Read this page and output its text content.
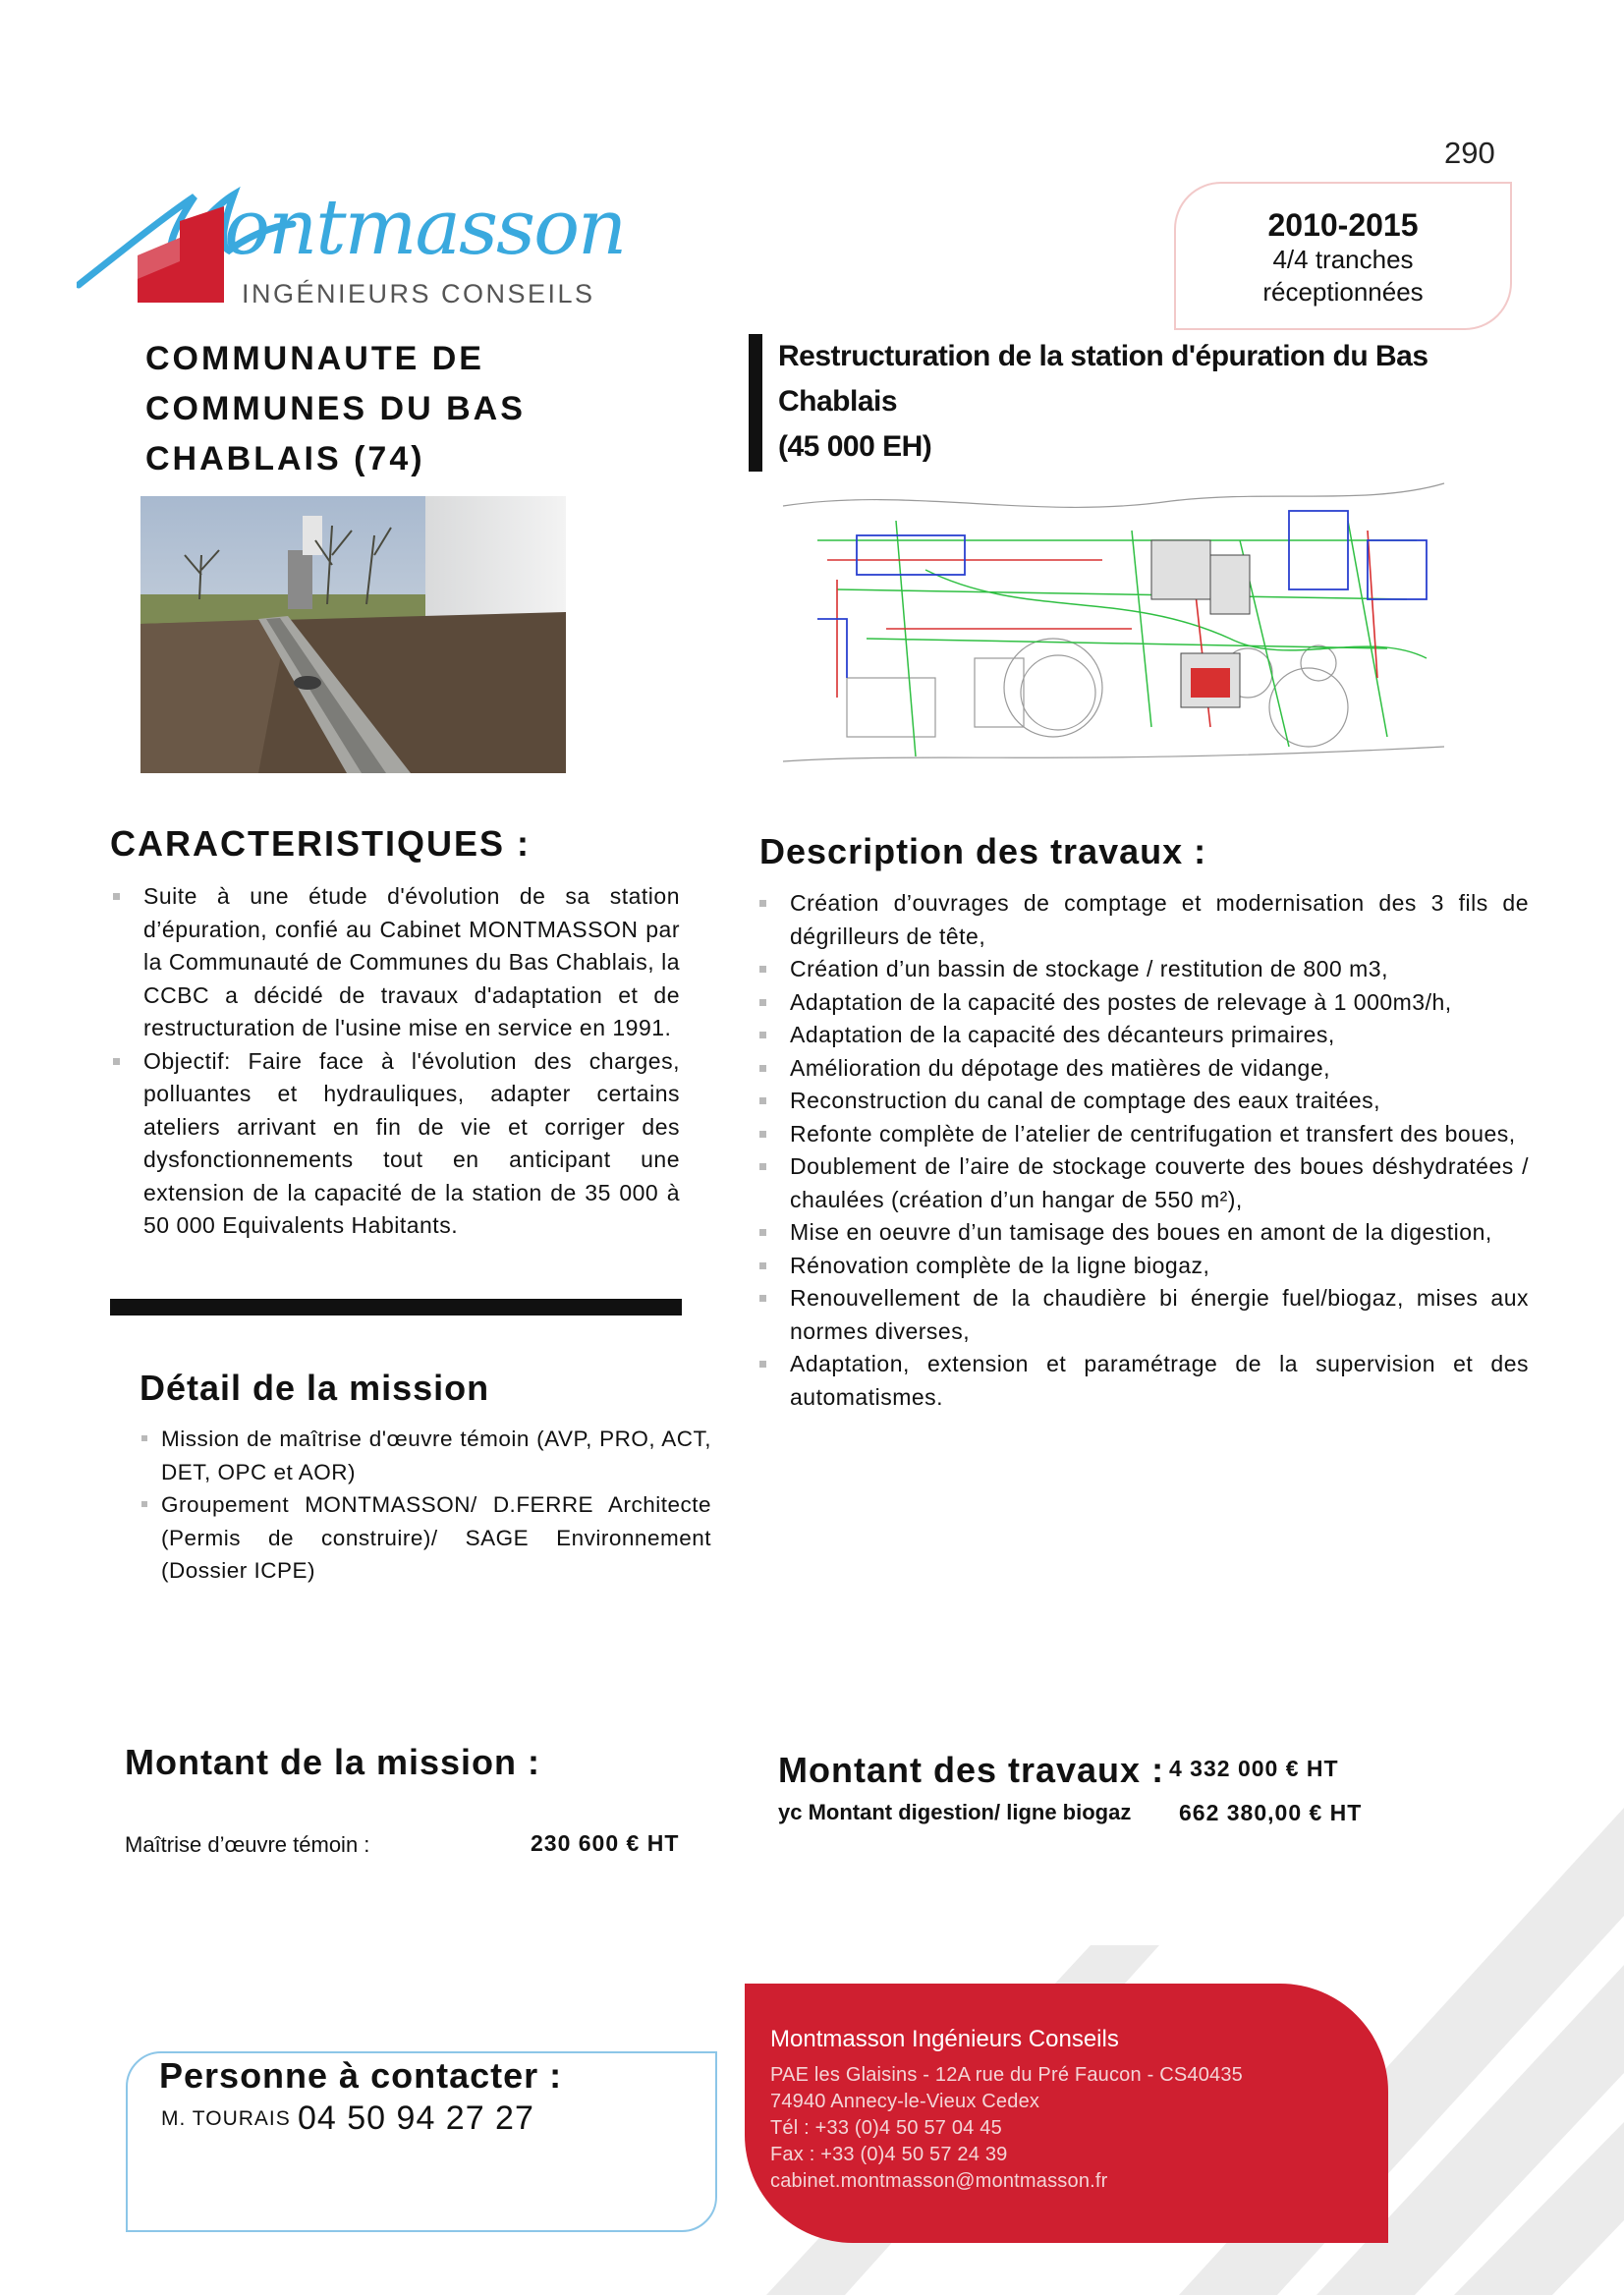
290
ontmasson
INGÉNIEURS CONSEILS
2010-2015
4/4 tranches
réceptionnées
COMMUNAUTE DE
COMMUNES DU BAS
CHABLAIS (74)
Restructuration de la station d'épuration du Bas Chablais
(45 000 EH)
CARACTERISTIQUES :
Suite à une étude d'évolution de sa station d’épuration, confié au Cabinet MONTMASSON par la Communauté de Communes du Bas Chablais, la CCBC a décidé de travaux d'adaptation et de restructuration de l'usine mise en service en 1991.
Objectif: Faire face à l'évolution des charges, polluantes et hydrauliques, adapter certains ateliers arrivant en fin de vie et corriger des dysfonctionnements tout en anticipant une extension de la capacité de la station de 35 000 à 50 000 Equivalents Habitants.
Description des travaux :
Création d’ouvrages de comptage et modernisation des 3 fils de dégrilleurs de tête,
Création d’un bassin de stockage / restitution de 800 m3,
Adaptation de la capacité des postes de relevage à 1 000m3/h,
Adaptation de la capacité des décanteurs primaires,
Amélioration du dépotage des matières de vidange,
Reconstruction du canal de comptage des eaux traitées,
Refonte complète de l’atelier de centrifugation et transfert des boues,
Doublement de l’aire de stockage couverte des boues déshydratées / chaulées (création d’un hangar de 550 m²),
Mise en oeuvre d’un tamisage des boues en amont de la digestion,
Rénovation complète de la ligne biogaz,
Renouvellement de la chaudière bi énergie fuel/biogaz, mises aux normes diverses,
Adaptation, extension et paramétrage de la supervision et des automatismes.
Détail de la mission
Mission de maîtrise d'œuvre témoin (AVP, PRO, ACT, DET, OPC et AOR)
Groupement MONTMASSON/ D.FERRE Architecte (Permis de construire)/ SAGE Environnement (Dossier ICPE)
Montant de la mission :
Maîtrise d’œuvre témoin :	230 600 € HT
Montant des travaux : 4 332 000 € HT
yc Montant digestion/ ligne biogaz 662 380,00 € HT
Personne à contacter :
M. TOURAIS 04 50 94 27 27
Montmasson Ingénieurs Conseils
PAE les Glaisins - 12A rue du Pré Faucon - CS40435
74940 Annecy-le-Vieux Cedex
Tél : +33 (0)4 50 57 04 45
Fax : +33 (0)4 50 57 24 39
cabinet.montmasson@montmasson.fr
